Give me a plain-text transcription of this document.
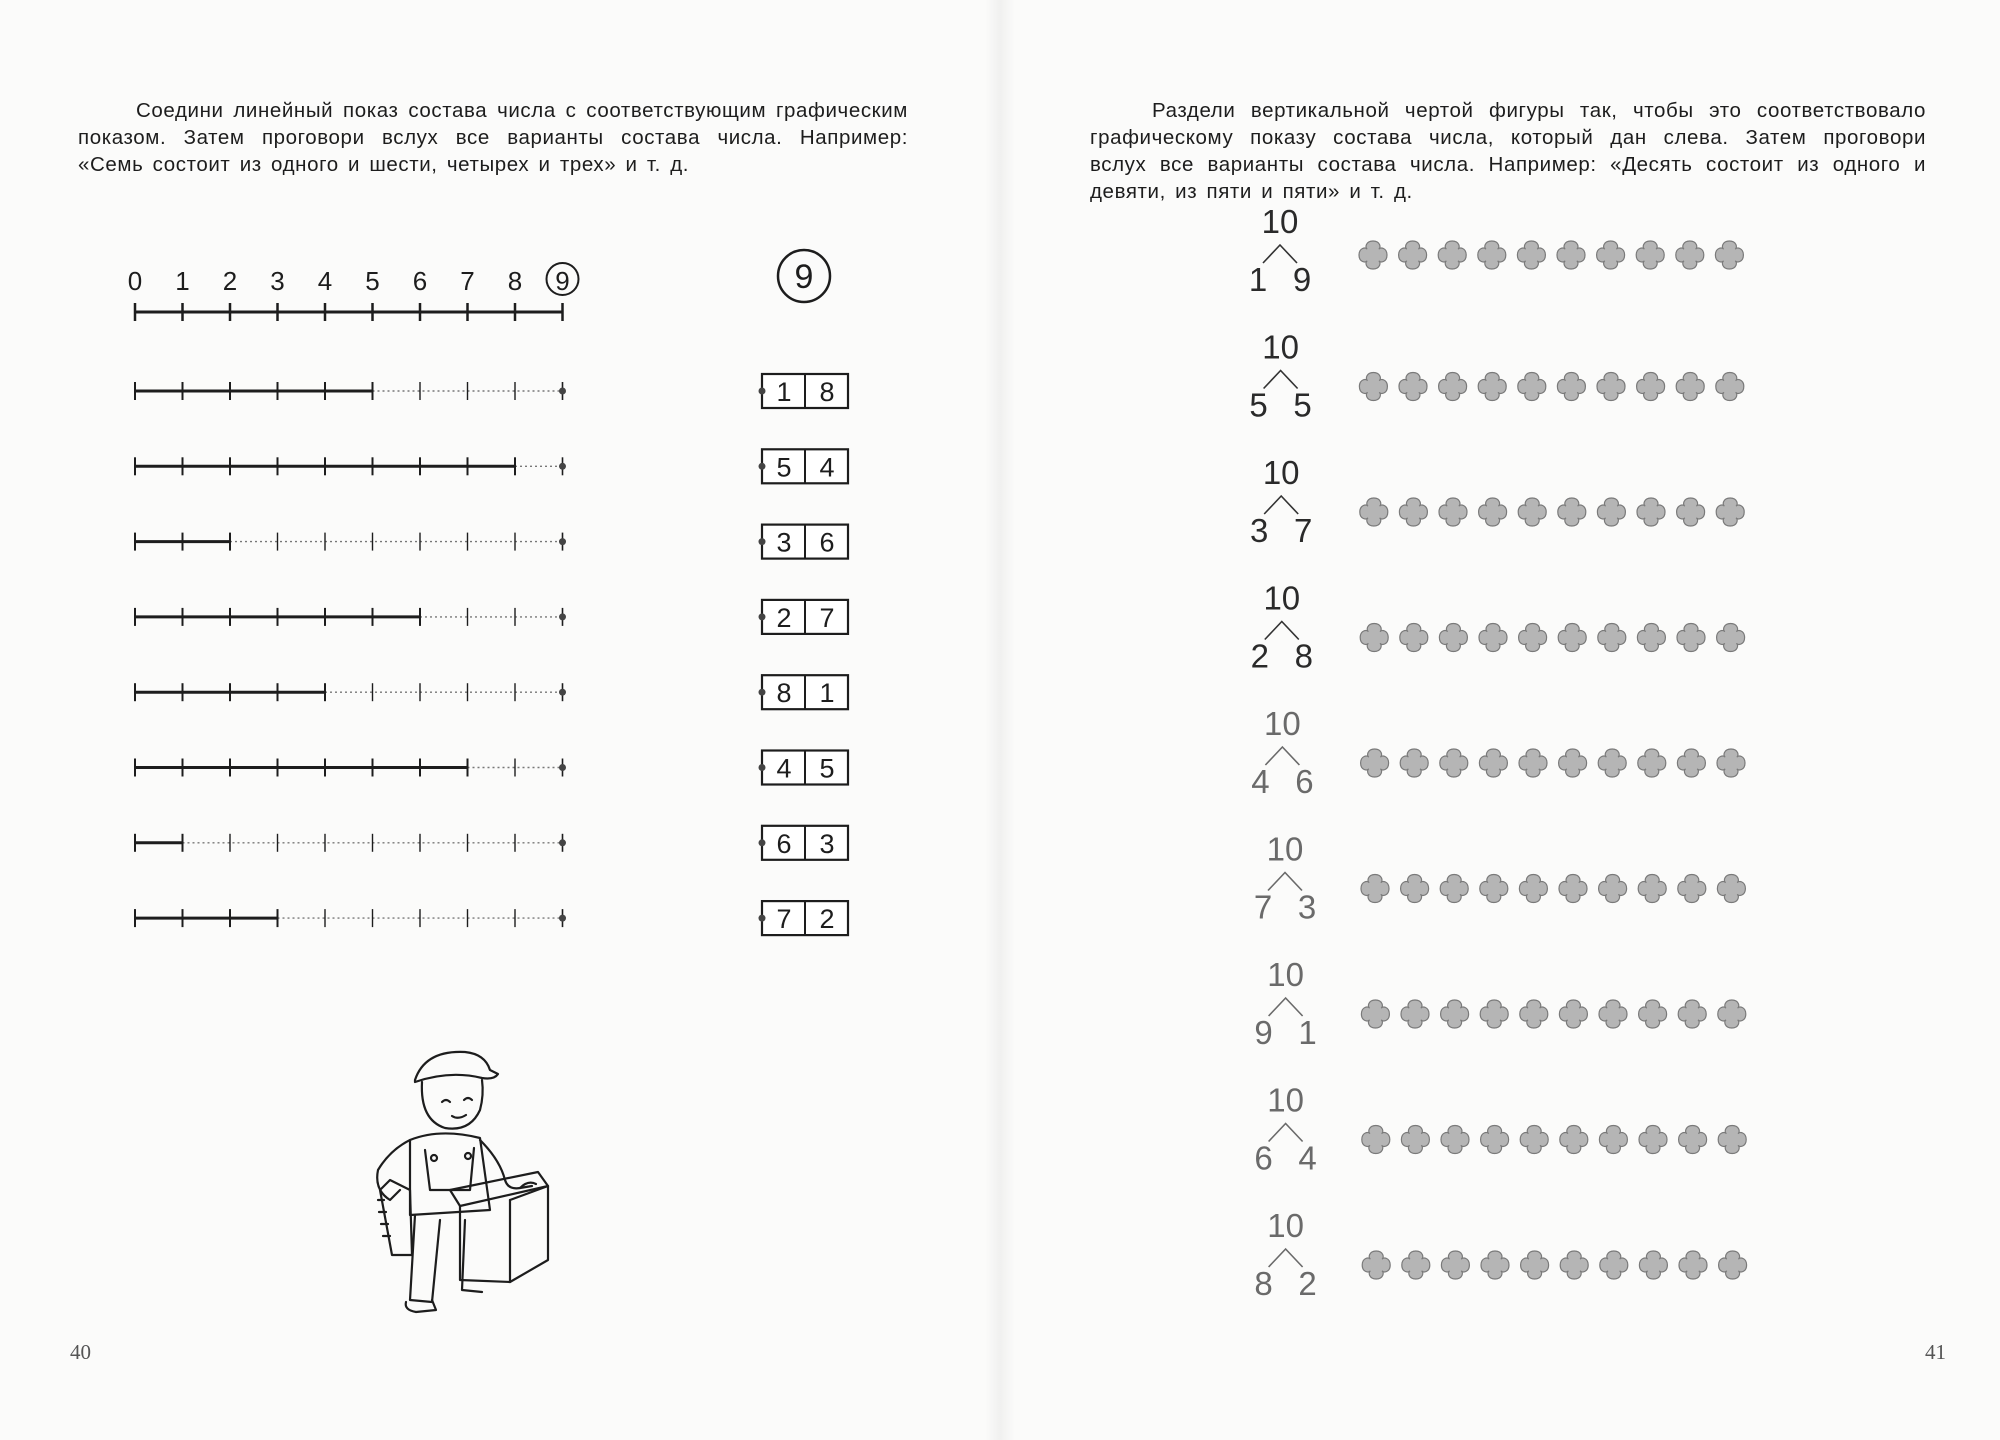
Соедини линейный показ состава числа с соответствующим графическим показом. Затем проговори вслух все варианты состава числа. Например: «Семь состоит из одного и шести, четырех и трех» и т. д.

0 1 2 3 4 5 6 7 8 9	9
1 8
5 4
3 6
2 7
8 1
4 5
6 3
7 2
40

Раздели вертикальной чертой фигуры так, чтобы это соответствовало графическому показу состава числа, который дан слева. Затем проговори вслух все варианты состава числа. Например: «Десять состоит из одного и девяти, из пяти и пяти» и т. д.

10
1 9
10
5 5
10
3 7
10
2 8
10
4 6
10
7 3
10
9 1
10
6 4
10
8 2
41
